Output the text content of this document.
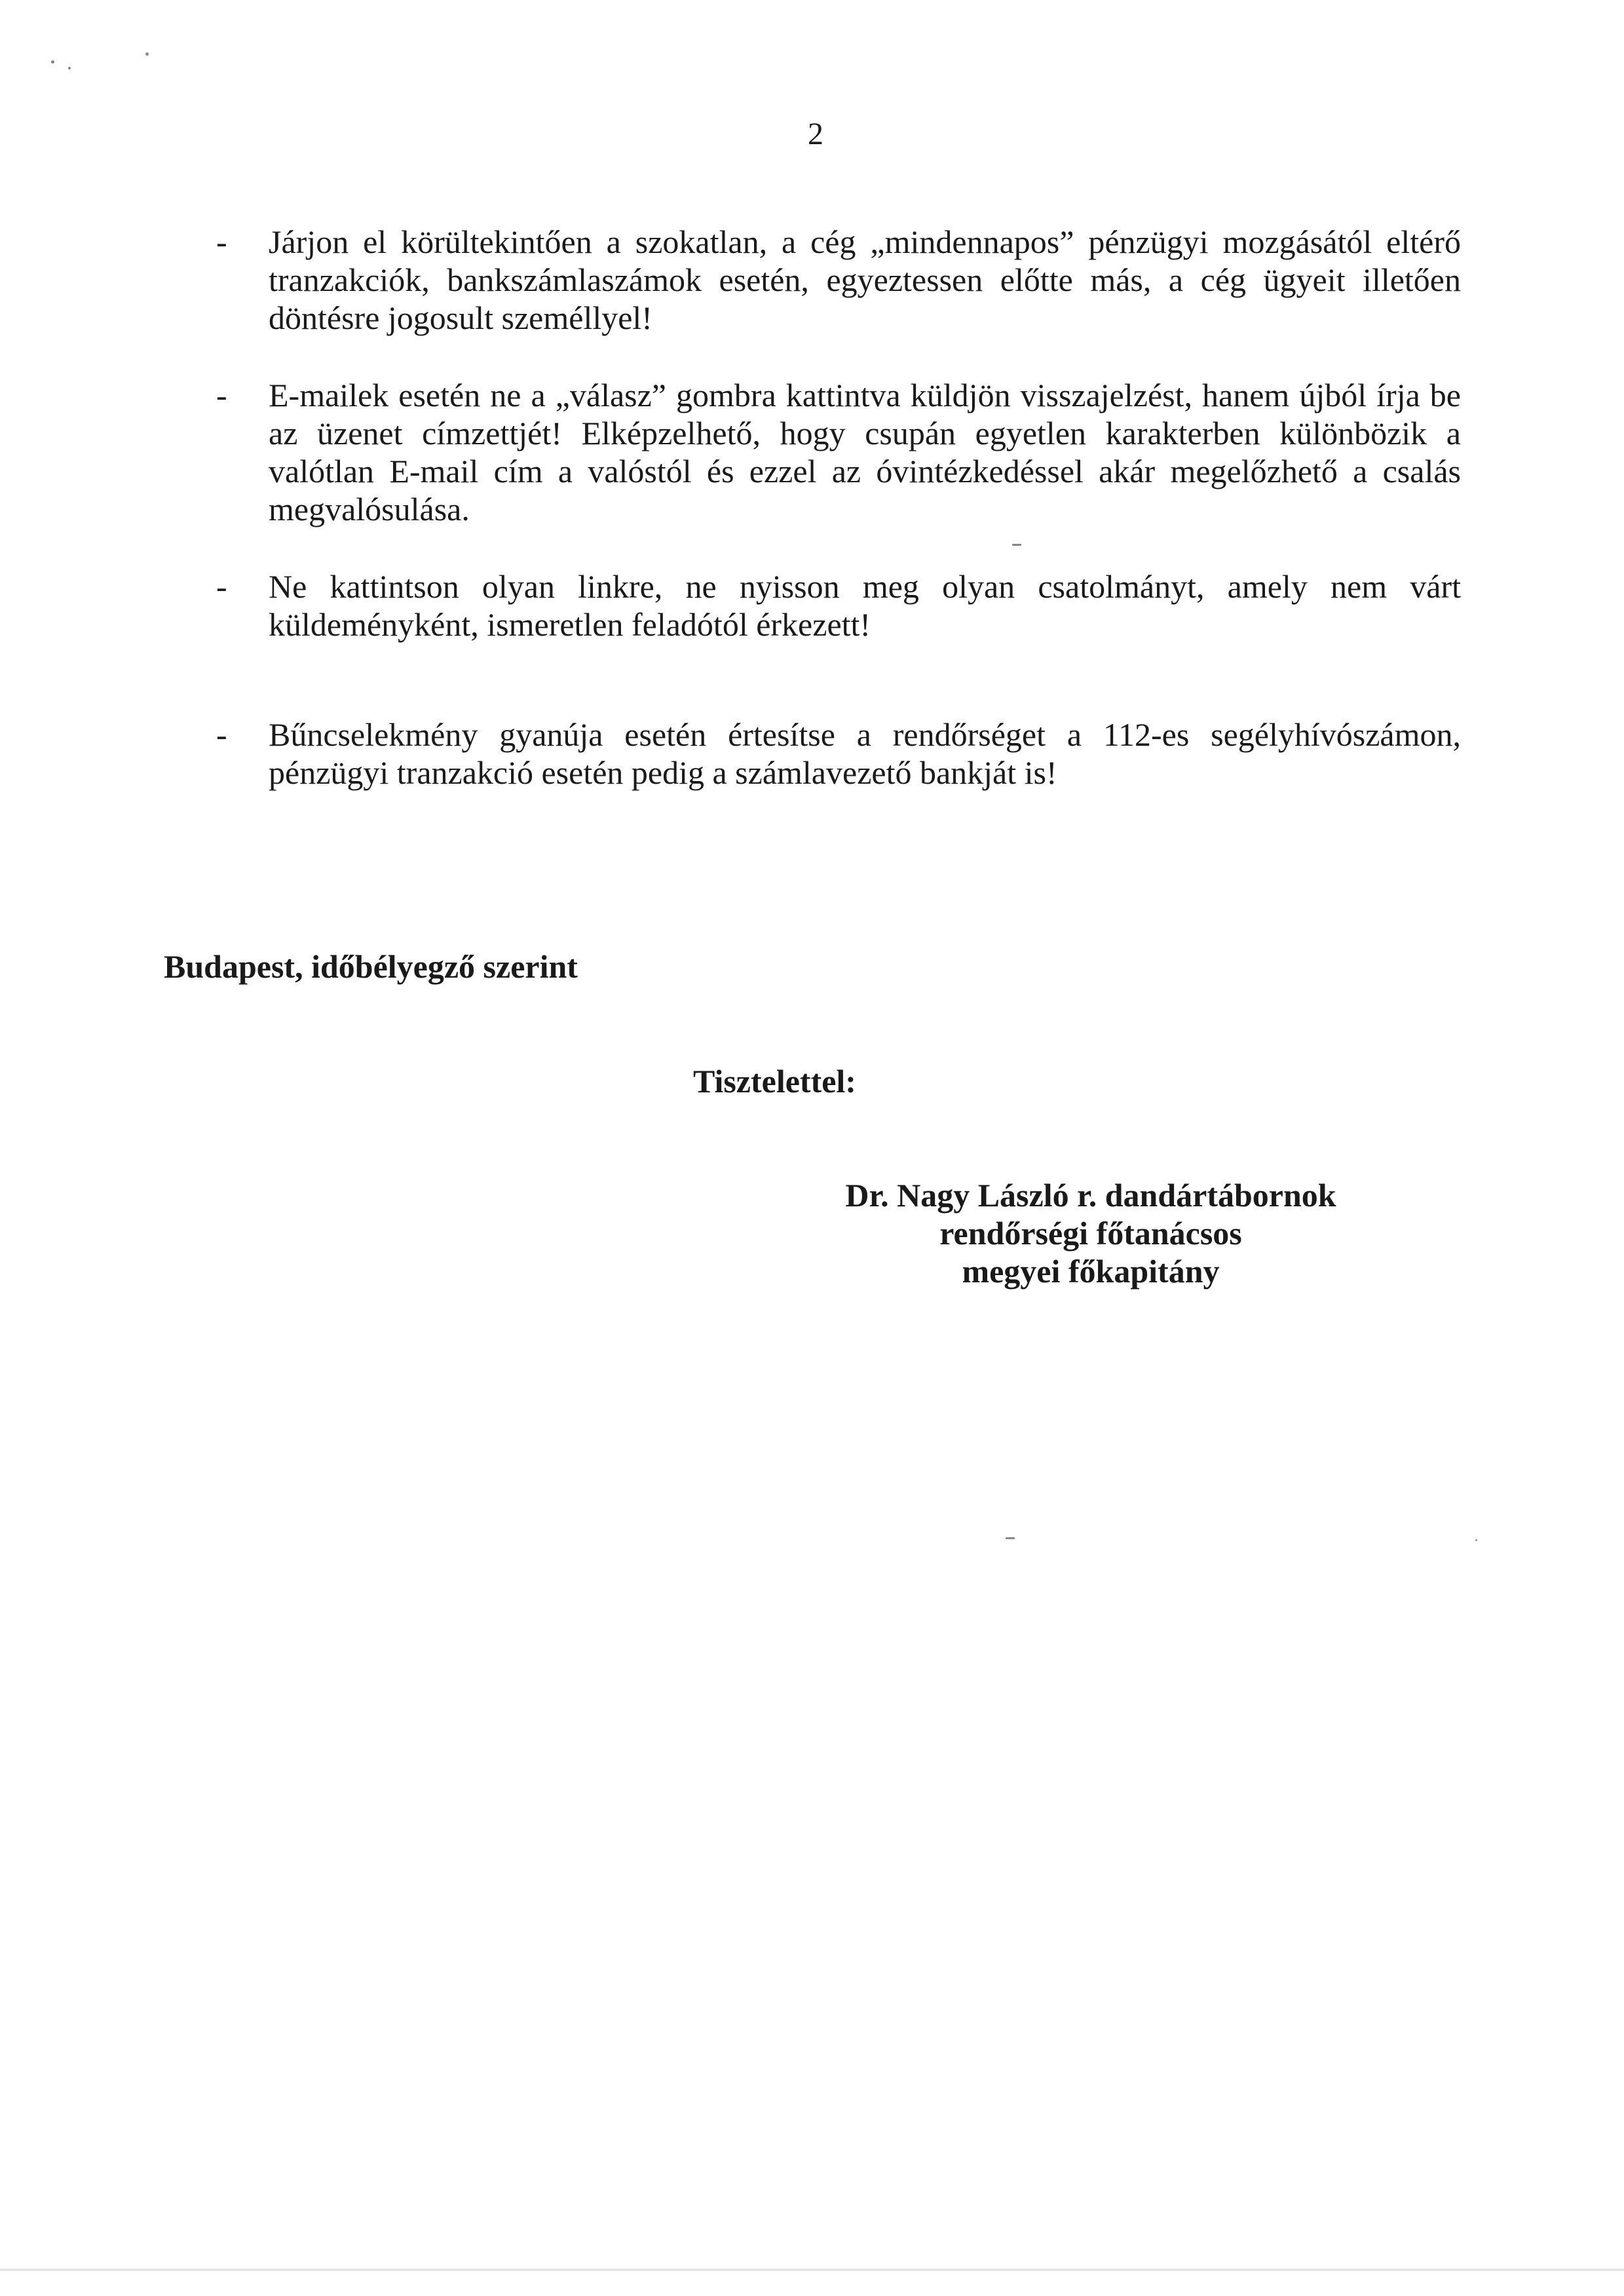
2
-	Járjon el körültekintően a szokatlan, a cég „mindennapos” pénzügyi mozgásától eltérő tranzakciók, bankszámlaszámok esetén, egyeztessen előtte más, a cég ügyeit illetően döntésre jogosult személlyel!
-	E-mailek esetén ne a „válasz” gombra kattintva küldjön visszajelzést, hanem újból írja be az üzenet címzettjét! Elképzelhető, hogy csupán egyetlen karakterben különbözik a valótlan E-mail cím a valóstól és ezzel az óvintézkedéssel akár megelőzhető a csalás megvalósulása.
-	Ne kattintson olyan linkre, ne nyisson meg olyan csatolmányt, amely nem várt küldeményként, ismeretlen feladótól érkezett!
-	Bűncselekmény gyanúja esetén értesítse a rendőrséget a 112-es segélyhívószámon, pénzügyi tranzakció esetén pedig a számlavezető bankját is!
Budapest, időbélyegző szerint
Tisztelettel:
Dr. Nagy László r. dandártábornok
rendőrségi főtanácsos
megyei főkapitány
